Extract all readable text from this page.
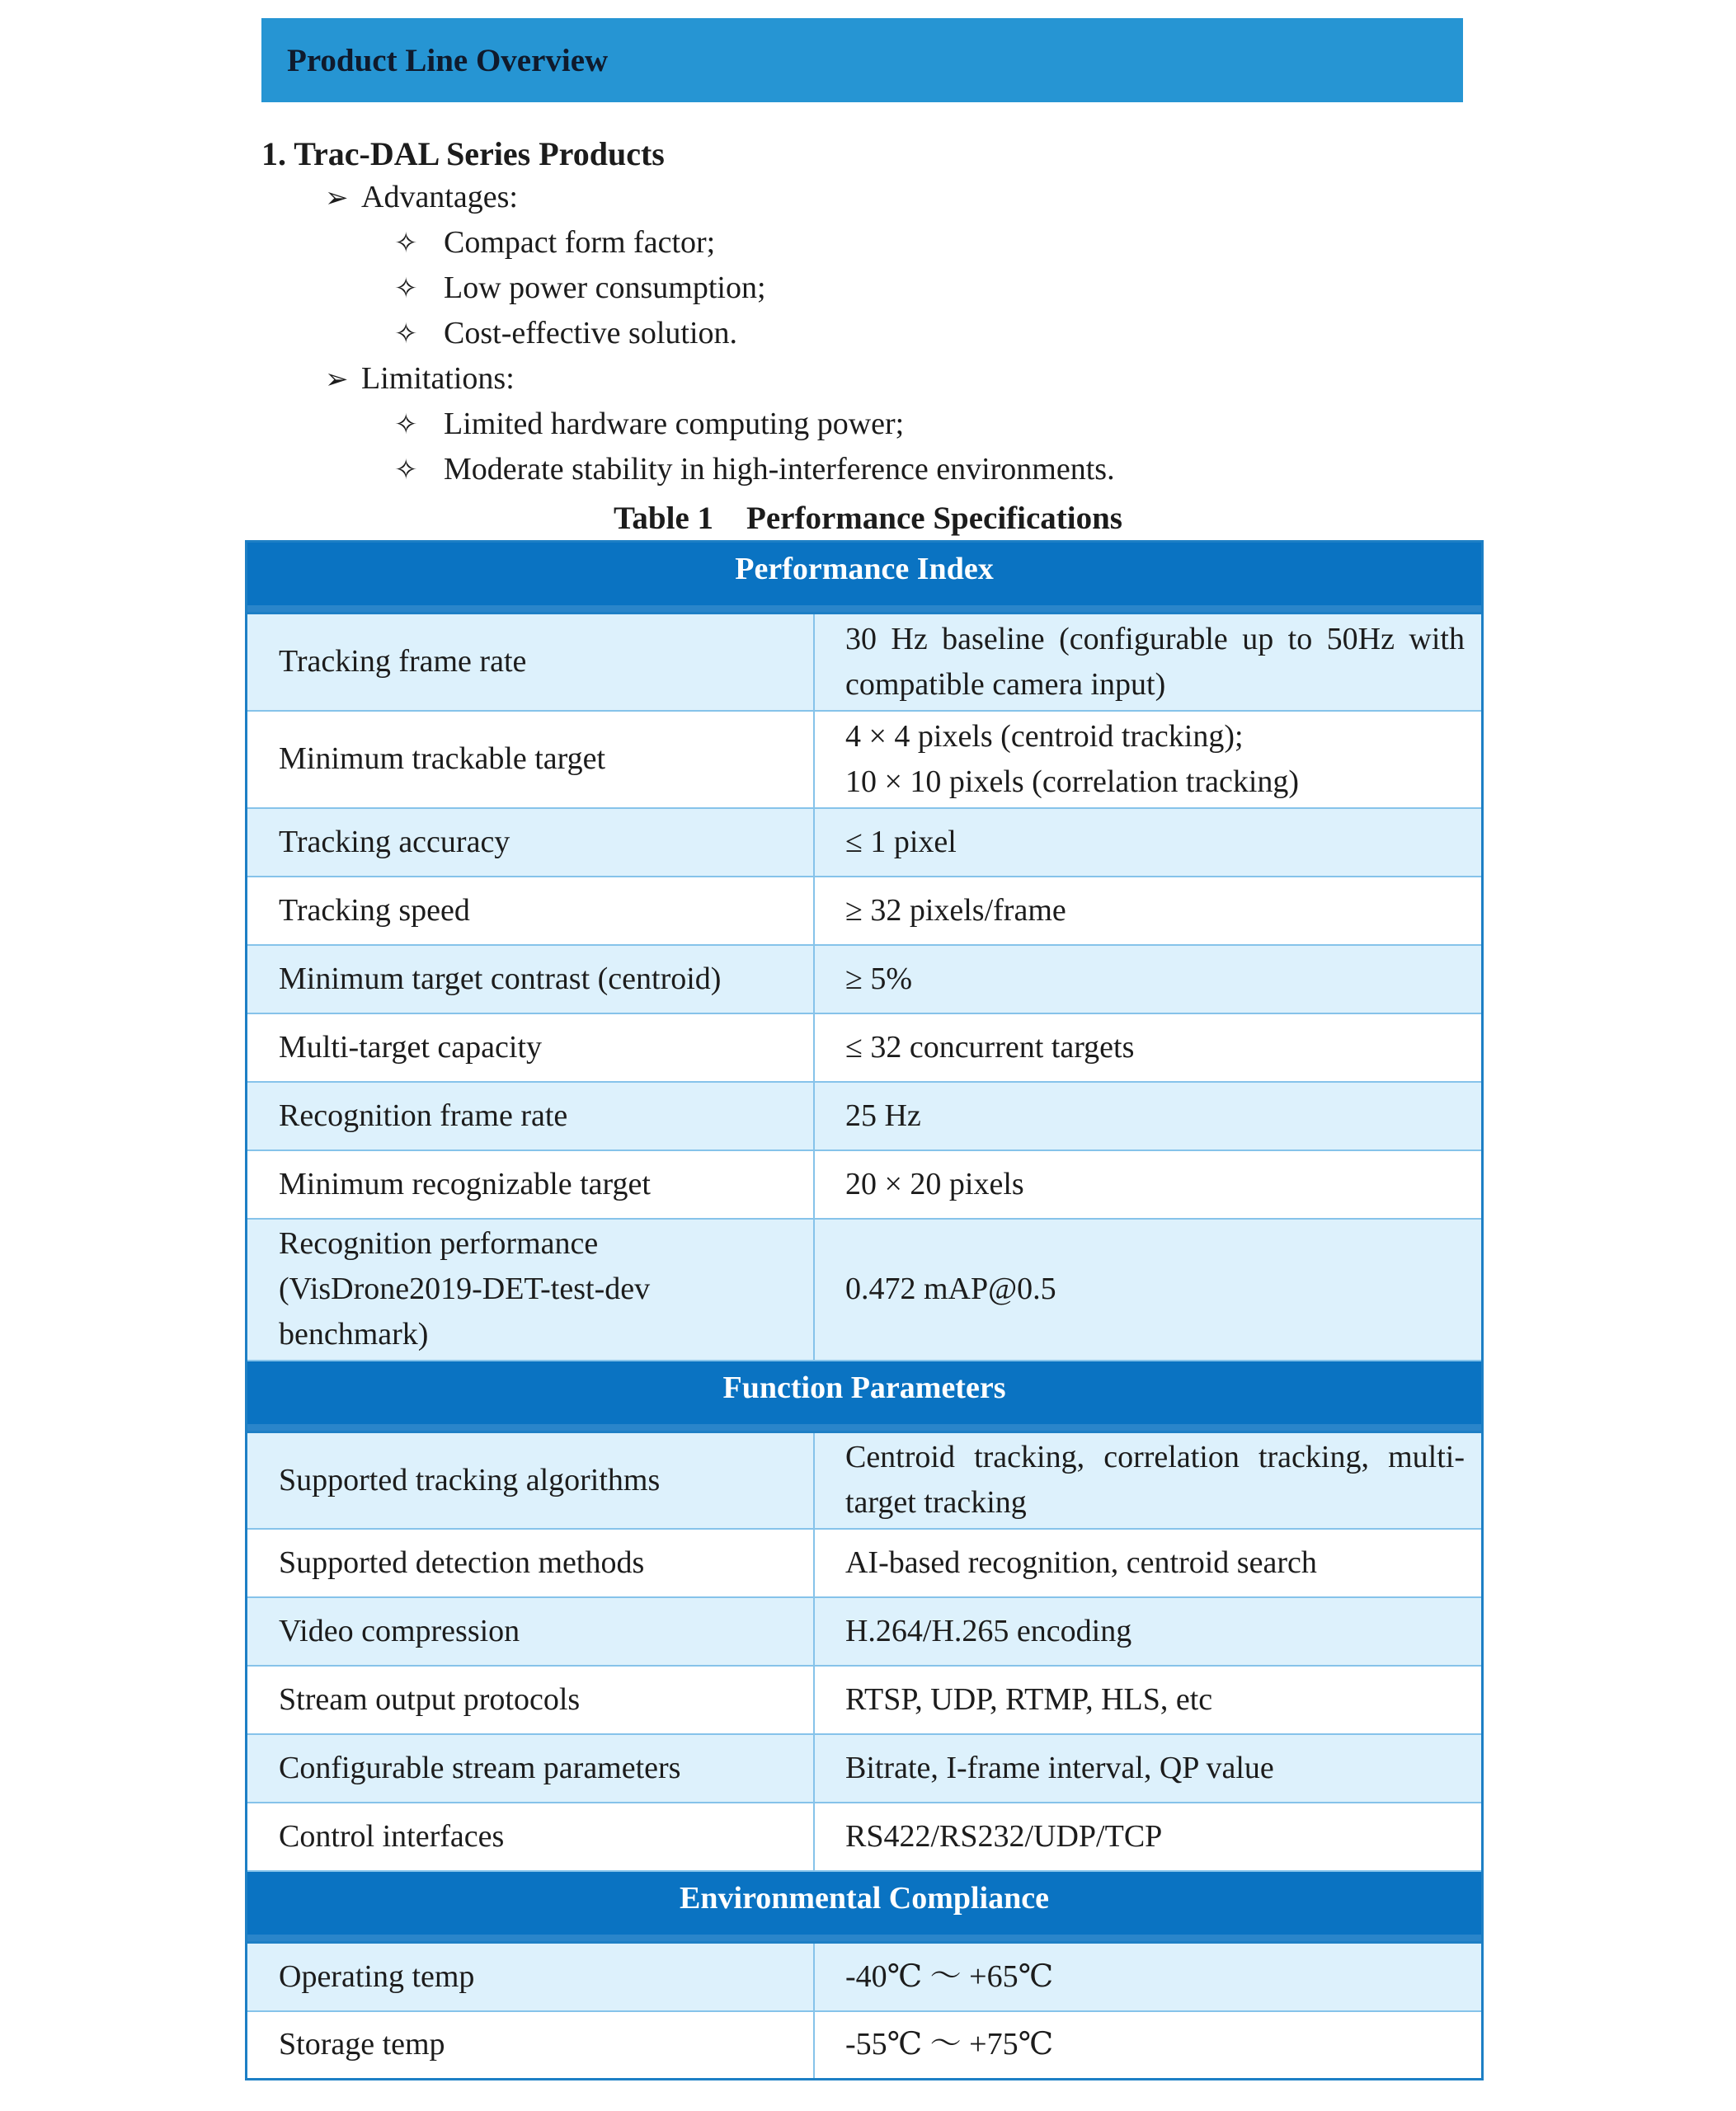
Product Line Overview
1. Trac-DAL Series Products
➢ Advantages:
✧ Compact form factor;
✧ Low power consumption;
✧ Cost-effective solution.
➢ Limitations:
✧ Limited hardware computing power;
✧ Moderate stability in high-interference environments.
Table 1 Performance Specifications
Performance Index	
Tracking frame rate	30 Hz baseline (configurable up to 50Hz with compatible camera input)
Minimum trackable target	4 × 4 pixels (centroid tracking);
10 × 10 pixels (correlation tracking)

Tracking accuracy	≤ 1 pixel
Tracking speed	≥ 32 pixels/frame
Minimum target contrast (centroid)	≥ 5%
Multi-target capacity	≤ 32 concurrent targets
Recognition frame rate	25 Hz
Minimum recognizable target	20 × 20 pixels

Recognition performance
(VisDrone2019-DET-test-dev
benchmark)	0.472 mAP@0.5
Function Parameters	
Supported tracking algorithms	Centroid tracking, correlation tracking, multi-target tracking
Supported detection methods	AI-based recognition, centroid search
Video compression	H.264/H.265 encoding
Stream output protocols	RTSP, UDP, RTMP, HLS, etc
Configurable stream parameters	Bitrate, I-frame interval, QP value
Control interfaces	RS422/RS232/UDP/TCP
Environmental Compliance	
Operating temp	-40℃ ～ +65℃
Storage temp	-55℃ ～ +75℃
